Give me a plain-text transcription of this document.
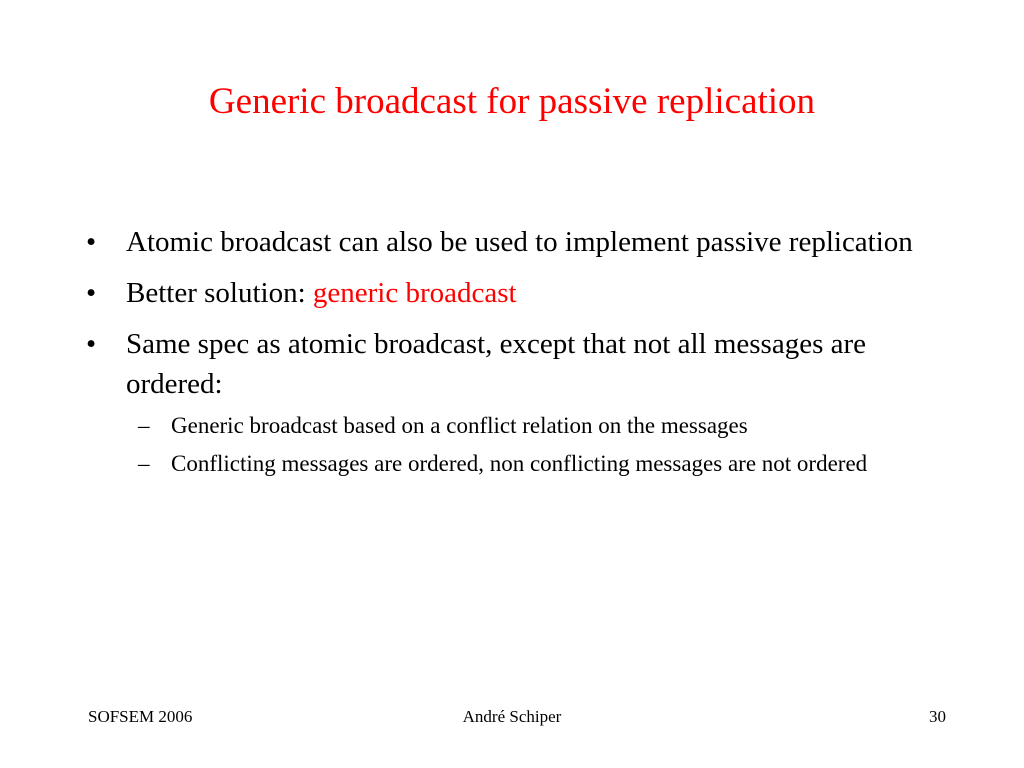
Generic broadcast for passive replication
• Atomic broadcast can also be used to implement passive replication
• Better solution: generic broadcast
• Same spec as atomic broadcast, except that not all messages are ordered:
– Generic broadcast based on a conflict relation on the messages
– Conflicting messages are ordered, non conflicting messages are not ordered
SOFSEM 2006	André Schiper	30
